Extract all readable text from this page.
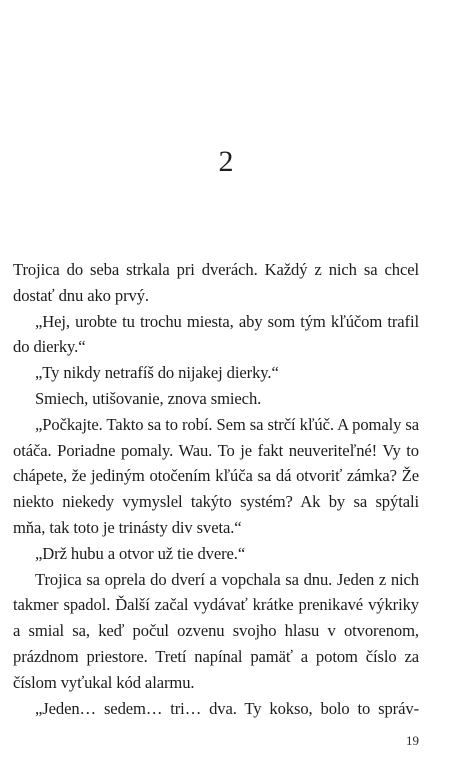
2

Trojica do seba strkala pri dverách. Každý z nich sa chcel dostať dnu ako prvý.

„Hej, urobte tu trochu miesta, aby som tým kľúčom trafil do dierky.“

„Ty nikdy netrafíš do nijakej dierky.“

Smiech, utišovanie, znova smiech.

„Počkajte. Takto sa to robí. Sem sa strčí kľúč. A pomaly sa otáča. Poriadne pomaly. Wau. To je fakt neuveriteľné! Vy to chápete, že jediným otočením kľúča sa dá otvoriť zámka? Že niekto niekedy vymyslel takýto systém? Ak by sa spýtali mňa, tak toto je trinásty div sveta.“

„Drž hubu a otvor už tie dvere.“

Trojica sa oprela do dverí a vopchala sa dnu. Jeden z nich takmer spadol. Ďalší začal vydávať krátke prenikavé výkriky a smial sa, keď počul ozvenu svojho hlasu v otvorenom, prázdnom priestore. Tretí napínal pamäť a potom číslo za číslom vyťukal kód alarmu.

„Jeden… sedem… tri… dva. Ty kokso, bolo to správ-

19
